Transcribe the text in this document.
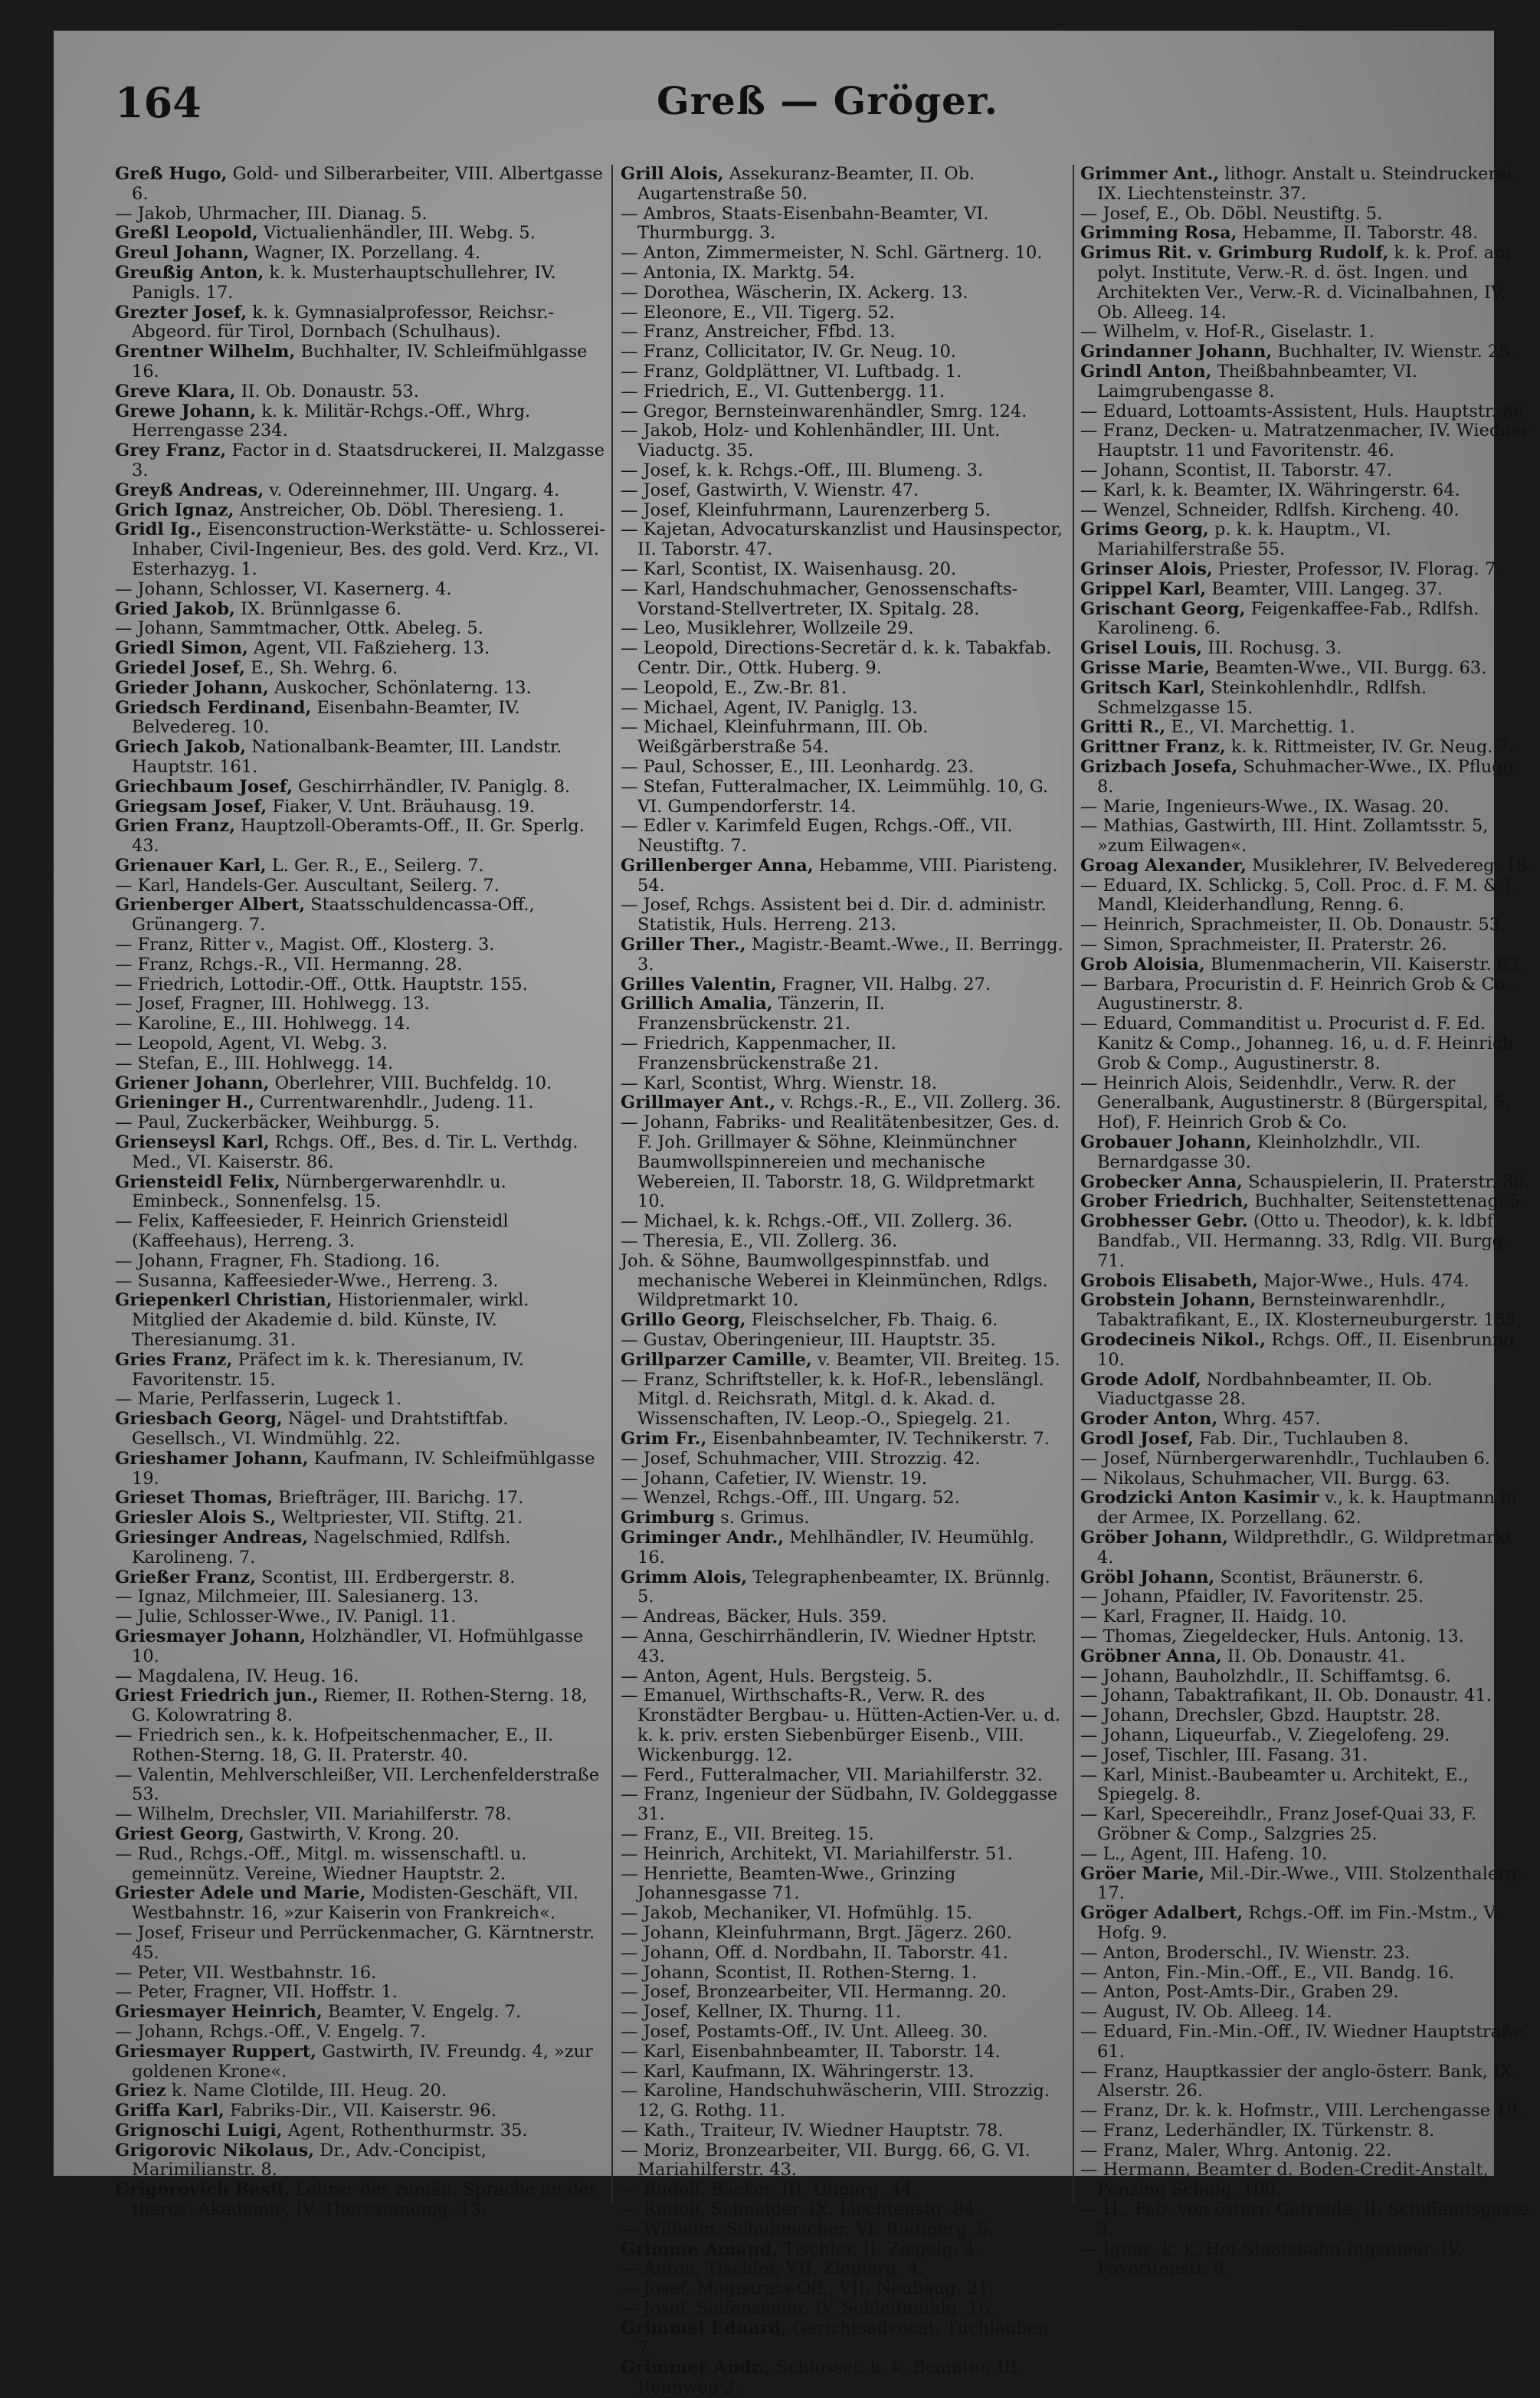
164	Greß — Gröger.

Greß Hugo, Gold- und Silberarbeiter, VIII. Albertgasse 6.

— Jakob, Uhrmacher, III. Dianag. 5.

Greßl Leopold, Victualienhändler, III. Webg. 5.

Greul Johann, Wagner, IX. Porzellang. 4.

Greußig Anton, k. k. Musterhauptschullehrer, IV. Panigls. 17.

Grezter Josef, k. k. Gymnasialprofessor, Reichsr.-Abgeord. für Tirol, Dornbach (Schulhaus).

Grentner Wilhelm, Buchhalter, IV. Schleifmühlgasse 16.

Greve Klara, II. Ob. Donaustr. 53.

Grewe Johann, k. k. Militär-Rchgs.-Off., Whrg. Herrengasse 234.

Grey Franz, Factor in d. Staatsdruckerei, II. Malzgasse 3.

Greyß Andreas, v. Odereinnehmer, III. Ungarg. 4.

Grich Ignaz, Anstreicher, Ob. Döbl. Theresieng. 1.

Gridl Ig., Eisenconstruction-Werkstätte- u. Schlosserei-Inhaber, Civil-Ingenieur, Bes. des gold. Verd. Krz., VI. Esterhazyg. 1.

— Johann, Schlosser, VI. Kasernerg. 4.

Gried Jakob, IX. Brünnlgasse 6.

— Johann, Sammtmacher, Ottk. Abeleg. 5.

Griedl Simon, Agent, VII. Faßzieherg. 13.

Griedel Josef, E., Sh. Wehrg. 6.

Grieder Johann, Auskocher, Schönlaterng. 13.

Griedsch Ferdinand, Eisenbahn-Beamter, IV. Belvedereg. 10.

Griech Jakob, Nationalbank-Beamter, III. Landstr. Hauptstr. 161.

Griechbaum Josef, Geschirrhändler, IV. Paniglg. 8.

Griegsam Josef, Fiaker, V. Unt. Bräuhausg. 19.

Grien Franz, Hauptzoll-Oberamts-Off., II. Gr. Sperlg. 43.

Grienauer Karl, L. Ger. R., E., Seilerg. 7.

— Karl, Handels-Ger. Auscultant, Seilerg. 7.

Grienberger Albert, Staatsschuldencassa-Off., Grünangerg. 7.

— Franz, Ritter v., Magist. Off., Klosterg. 3.

— Franz, Rchgs.-R., VII. Hermanng. 28.

— Friedrich, Lottodir.-Off., Ottk. Hauptstr. 155.

— Josef, Fragner, III. Hohlwegg. 13.

— Karoline, E., III. Hohlwegg. 14.

— Leopold, Agent, VI. Webg. 3.

— Stefan, E., III. Hohlwegg. 14.

Griener Johann, Oberlehrer, VIII. Buchfeldg. 10.

Grieninger H., Currentwarenhdlr., Judeng. 11.

— Paul, Zuckerbäcker, Weihburgg. 5.

Grienseysl Karl, Rchgs. Off., Bes. d. Tir. L. Verthdg. Med., VI. Kaiserstr. 86.

Griensteidl Felix, Nürnbergerwarenhdlr. u. Eminbeck., Sonnenfelsg. 15.

— Felix, Kaffeesieder, F. Heinrich Griensteidl (Kaffeehaus), Herreng. 3.

— Johann, Fragner, Fh. Stadiong. 16.

— Susanna, Kaffeesieder-Wwe., Herreng. 3.

Griepenkerl Christian, Historienmaler, wirkl. Mitglied der Akademie d. bild. Künste, IV. Theresianumg. 31.

Gries Franz, Präfect im k. k. Theresianum, IV. Favoritenstr. 15.

— Marie, Perlfasserin, Lugeck 1.

Griesbach Georg, Nägel- und Drahtstiftfab. Gesellsch., VI. Windmühlg. 22.

Grieshamer Johann, Kaufmann, IV. Schleifmühlgasse 19.

Grieset Thomas, Briefträger, III. Barichg. 17.

Griesler Alois S., Weltpriester, VII. Stiftg. 21.

Griesinger Andreas, Nagelschmied, Rdlfsh. Karolineng. 7.

Grießer Franz, Scontist, III. Erdbergerstr. 8.

— Ignaz, Milchmeier, III. Salesianerg. 13.

— Julie, Schlosser-Wwe., IV. Panigl. 11.

Griesmayer Johann, Holzhändler, VI. Hofmühlgasse 10.

— Magdalena, IV. Heug. 16.

Griest Friedrich jun., Riemer, II. Rothen-Sterng. 18, G. Kolowratring 8.

— Friedrich sen., k. k. Hofpeitschenmacher, E., II. Rothen-Sterng. 18, G. II. Praterstr. 40.

— Valentin, Mehlverschleißer, VII. Lerchenfelderstraße 53.

— Wilhelm, Drechsler, VII. Mariahilferstr. 78.

Griest Georg, Gastwirth, V. Krong. 20.

— Rud., Rchgs.-Off., Mitgl. m. wissenschaftl. u. gemeinnütz. Vereine, Wiedner Hauptstr. 2.

Griester Adele und Marie, Modisten-Geschäft, VII. Westbahnstr. 16, »zur Kaiserin von Frankreich«.

— Josef, Friseur und Perrückenmacher, G. Kärntnerstr. 45.

— Peter, VII. Westbahnstr. 16.

— Peter, Fragner, VII. Hoffstr. 1.

Griesmayer Heinrich, Beamter, V. Engelg. 7.

— Johann, Rchgs.-Off., V. Engelg. 7.

Griesmayer Ruppert, Gastwirth, IV. Freundg. 4, »zur goldenen Krone«.

Griez k. Name Clotilde, III. Heug. 20.

Griffa Karl, Fabriks-Dir., VII. Kaiserstr. 96.

Grignoschi Luigi, Agent, Rothenthurmstr. 35.

Grigorovic Nikolaus, Dr., Adv.-Concipist, Marimilianstr. 8.

Grigorovich Basil, Lehrer der rumän. Sprache an der theres. Akademie, IV. Theresianumg. 13.

Grill Alois, Assekuranz-Beamter, II. Ob. Augartenstraße 50.

— Ambros, Staats-Eisenbahn-Beamter, VI. Thurmburgg. 3.

— Anton, Zimmermeister, N. Schl. Gärtnerg. 10.

— Antonia, IX. Marktg. 54.

— Dorothea, Wäscherin, IX. Ackerg. 13.

— Eleonore, E., VII. Tigerg. 52.

— Franz, Anstreicher, Ffbd. 13.

— Franz, Collicitator, IV. Gr. Neug. 10.

— Franz, Goldplättner, VI. Luftbadg. 1.

— Friedrich, E., VI. Guttenbergg. 11.

— Gregor, Bernsteinwarenhändler, Smrg. 124.

— Jakob, Holz- und Kohlenhändler, III. Unt. Viaductg. 35.

— Josef, k. k. Rchgs.-Off., III. Blumeng. 3.

— Josef, Gastwirth, V. Wienstr. 47.

— Josef, Kleinfuhrmann, Laurenzerberg 5.

— Kajetan, Advocaturskanzlist und Hausinspector, II. Taborstr. 47.

— Karl, Scontist, IX. Waisenhausg. 20.

— Karl, Handschuhmacher, Genossenschafts-Vorstand-Stellvertreter, IX. Spitalg. 28.

— Leo, Musiklehrer, Wollzeile 29.

— Leopold, Directions-Secretär d. k. k. Tabakfab. Centr. Dir., Ottk. Huberg. 9.

— Leopold, E., Zw.-Br. 81.

— Michael, Agent, IV. Paniglg. 13.

— Michael, Kleinfuhrmann, III. Ob. Weißgärberstraße 54.

— Paul, Schosser, E., III. Leonhardg. 23.

— Stefan, Futteralmacher, IX. Leimmühlg. 10, G. VI. Gumpendorferstr. 14.

— Edler v. Karimfeld Eugen, Rchgs.-Off., VII. Neustiftg. 7.

Grillenberger Anna, Hebamme, VIII. Piaristeng. 54.

— Josef, Rchgs. Assistent bei d. Dir. d. administr. Statistik, Huls. Herreng. 213.

Griller Ther., Magistr.-Beamt.-Wwe., II. Berringg. 3.

Grilles Valentin, Fragner, VII. Halbg. 27.

Grillich Amalia, Tänzerin, II. Franzensbrückenstr. 21.

— Friedrich, Kappenmacher, II. Franzensbrückenstraße 21.

— Karl, Scontist, Whrg. Wienstr. 18.

Grillmayer Ant., v. Rchgs.-R., E., VII. Zollerg. 36.

— Johann, Fabriks- und Realitätenbesitzer, Ges. d. F. Joh. Grillmayer & Söhne, Kleinmünchner Baumwollspinnereien und mechanische Webereien, II. Taborstr. 18, G. Wildpretmarkt 10.

— Michael, k. k. Rchgs.-Off., VII. Zollerg. 36.

— Theresia, E., VII. Zollerg. 36.

Joh. & Söhne, Baumwollgespinnstfab. und mechanische Weberei in Kleinmünchen, Rdlgs. Wildpretmarkt 10.

Grillo Georg, Fleischselcher, Fb. Thaig. 6.

— Gustav, Oberingenieur, III. Hauptstr. 35.

Grillparzer Camille, v. Beamter, VII. Breiteg. 15.

— Franz, Schriftsteller, k. k. Hof-R., lebenslängl. Mitgl. d. Reichsrath, Mitgl. d. k. Akad. d. Wissenschaften, IV. Leop.-O., Spiegelg. 21.

Grim Fr., Eisenbahnbeamter, IV. Technikerstr. 7.

— Josef, Schuhmacher, VIII. Strozzig. 42.

— Johann, Cafetier, IV. Wienstr. 19.

— Wenzel, Rchgs.-Off., III. Ungarg. 52.

Grimburg s. Grimus.

Griminger Andr., Mehlhändler, IV. Heumühlg. 16.

Grimm Alois, Telegraphenbeamter, IX. Brünnlg. 5.

— Andreas, Bäcker, Huls. 359.

— Anna, Geschirrhändlerin, IV. Wiedner Hptstr. 43.

— Anton, Agent, Huls. Bergsteig. 5.

— Emanuel, Wirthschafts-R., Verw. R. des Kronstädter Bergbau- u. Hütten-Actien-Ver. u. d. k. k. priv. ersten Siebenbürger Eisenb., VIII. Wickenburgg. 12.

— Ferd., Futteralmacher, VII. Mariahilferstr. 32.

— Franz, Ingenieur der Südbahn, IV. Goldeggasse 31.

— Franz, E., VII. Breiteg. 15.

— Heinrich, Architekt, VI. Mariahilferstr. 51.

— Henriette, Beamten-Wwe., Grinzing Johannesgasse 71.

— Jakob, Mechaniker, VI. Hofmühlg. 15.

— Johann, Kleinfuhrmann, Brgt. Jägerz. 260.

— Johann, Off. d. Nordbahn, II. Taborstr. 41.

— Johann, Scontist, II. Rothen-Sterng. 1.

— Josef, Bronzearbeiter, VII. Hermanng. 20.

— Josef, Kellner, IX. Thurng. 11.

— Josef, Postamts-Off., IV. Unt. Alleeg. 30.

— Karl, Eisenbahnbeamter, II. Taborstr. 14.

— Karl, Kaufmann, IX. Währingerstr. 13.

— Karoline, Handschuhwäscherin, VIII. Strozzig. 12, G. Rothg. 11.

— Kath., Traiteur, IV. Wiedner Hauptstr. 78.

— Moriz, Bronzearbeiter, VII. Burgg. 66, G. VI. Mariahilferstr. 43.

— Rudolf, Bäcker, III. Ungarg. 44.

— Rudolf, Schneider, IX. Liechtenstg. 84.

— Wilhelm, Schuhmacher, VI. Rüdigerg. 5.

Grimme Amand, Tischler, II. Ziegelg. 4.

— Anton, Tischler, VII. Zieglerg. 4.

— Josef, Magistrats-Off., VII. Neubaug. 21.

— Josef, Seifensieder, IV. Schleifmühlg. 16.

Grimmel Eduard, Gerichtsadvocat, Tuchlauben 7.

Grimmer Andr., Schlosser, k. k. Beamter, III. Rennweg 2.

Grimmer Ant., lithogr. Anstalt u. Steindruckerei, IX. Liechtensteinstr. 37.

— Josef, E., Ob. Döbl. Neustiftg. 5.

Grimming Rosa, Hebamme, II. Taborstr. 48.

Grimus Rit. v. Grimburg Rudolf, k. k. Prof. am polyt. Institute, Verw.-R. d. öst. Ingen. und Architekten Ver., Verw.-R. d. Vicinalbahnen, IV. Ob. Alleeg. 14.

— Wilhelm, v. Hof-R., Giselastr. 1.

Grindanner Johann, Buchhalter, IV. Wienstr. 25.

Grindl Anton, Theißbahnbeamter, VI. Laimgrubengasse 8.

— Eduard, Lottoamts-Assistent, Huls. Hauptstr. 86.

— Franz, Decken- u. Matratzenmacher, IV. Wiedner Hauptstr. 11 und Favoritenstr. 46.

— Johann, Scontist, II. Taborstr. 47.

— Karl, k. k. Beamter, IX. Währingerstr. 64.

— Wenzel, Schneider, Rdlfsh. Kircheng. 40.

Grims Georg, p. k. k. Hauptm., VI. Mariahilferstraße 55.

Grinser Alois, Priester, Professor, IV. Florag. 7.

Grippel Karl, Beamter, VIII. Langeg. 37.

Grischant Georg, Feigenkaffee-Fab., Rdlfsh. Karolineng. 6.

Grisel Louis, III. Rochusg. 3.

Grisse Marie, Beamten-Wwe., VII. Burgg. 63.

Gritsch Karl, Steinkohlenhdlr., Rdlfsh. Schmelzgasse 15.

Gritti R., E., VI. Marchettig. 1.

Grittner Franz, k. k. Rittmeister, IV. Gr. Neug. 7.

Grizbach Josefa, Schuhmacher-Wwe., IX. Pflugg. 8.

— Marie, Ingenieurs-Wwe., IX. Wasag. 20.

— Mathias, Gastwirth, III. Hint. Zollamtsstr. 5, »zum Eilwagen«.

Groag Alexander, Musiklehrer, IV. Belvedereg. 18.

— Eduard, IX. Schlickg. 5, Coll. Proc. d. F. M. & J. Mandl, Kleiderhandlung, Renng. 6.

— Heinrich, Sprachmeister, II. Ob. Donaustr. 53.

— Simon, Sprachmeister, II. Praterstr. 26.

Grob Aloisia, Blumenmacherin, VII. Kaiserstr. 63.

— Barbara, Procuristin d. F. Heinrich Grob & Co., Augustinerstr. 8.

— Eduard, Commanditist u. Procurist d. F. Ed. Kanitz & Comp., Johanneg. 16, u. d. F. Heinrich Grob & Comp., Augustinerstr. 8.

— Heinrich Alois, Seidenhdlr., Verw. R. der Generalbank, Augustinerstr. 8 (Bürgerspital, 5. Hof), F. Heinrich Grob & Co.

Grobauer Johann, Kleinholzhdlr., VII. Bernardgasse 30.

Grobecker Anna, Schauspielerin, II. Praterstr. 38.

Grober Friedrich, Buchhalter, Seitenstettenag. 5.

Grobhesser Gebr. (Otto u. Theodor), k. k. ldbf. Bandfab., VII. Hermanng. 33, Rdlg. VII. Burgg. 71.

Grobois Elisabeth, Major-Wwe., Huls. 474.

Grobstein Johann, Bernsteinwarenhdlr., Tabaktrafikant, E., IX. Klosterneuburgerstr. 155.

Grodecineis Nikol., Rchgs. Off., II. Eisenbrunng. 10.

Grode Adolf, Nordbahnbeamter, II. Ob. Viaductgasse 28.

Groder Anton, Whrg. 457.

Grodl Josef, Fab. Dir., Tuchlauben 8.

— Josef, Nürnbergerwarenhdlr., Tuchlauben 6.

— Nikolaus, Schuhmacher, VII. Burgg. 63.

Grodzicki Anton Kasimir v., k. k. Hauptmann in der Armee, IX. Porzellang. 62.

Gröber Johann, Wildprethdlr., G. Wildpretmarkt 4.

Gröbl Johann, Scontist, Bräunerstr. 6.

— Johann, Pfaidler, IV. Favoritenstr. 25.

— Karl, Fragner, II. Haidg. 10.

— Thomas, Ziegeldecker, Huls. Antonig. 13.

Gröbner Anna, II. Ob. Donaustr. 41.

— Johann, Bauholzhdlr., II. Schiffamtsg. 6.

— Johann, Tabaktrafikant, II. Ob. Donaustr. 41.

— Johann, Drechsler, Gbzd. Hauptstr. 28.

— Johann, Liqueurfab., V. Ziegelofeng. 29.

— Josef, Tischler, III. Fasang. 31.

— Karl, Minist.-Baubeamter u. Architekt, E., Spiegelg. 8.

— Karl, Specereihdlr., Franz Josef-Quai 33, F. Gröbner & Comp., Salzgries 25.

— L., Agent, III. Hafeng. 10.

Gröer Marie, Mil.-Dir.-Wwe., VIII. Stolzenthalerg. 17.

Gröger Adalbert, Rchgs.-Off. im Fin.-Mstm., V. Hofg. 9.

— Anton, Broderschl., IV. Wienstr. 23.

— Anton, Fin.-Min.-Off., E., VII. Bandg. 16.

— Anton, Post-Amts-Dir., Graben 29.

— August, IV. Ob. Alleeg. 14.

— Eduard, Fin.-Min.-Off., IV. Wiedner Hauptstraße 61.

— Franz, Hauptkassier der anglo-österr. Bank, IX. Alserstr. 26.

— Franz, Dr. k. k. Hofmstr., VIII. Lerchengasse 19.

— Franz, Lederhändler, IX. Türkenstr. 8.

— Franz, Maler, Whrg. Antonig. 22.

— Hermann, Beamter d. Boden-Credit-Anstalt, Penzing Schulg. 100.

— H., Fab. von österr. Getreide, II. Schiffamtsgasse 3.

— Ignaz, k. k. Hof-Staatsbahn-Ingenieur, IV. Favoritenstr. 8.
